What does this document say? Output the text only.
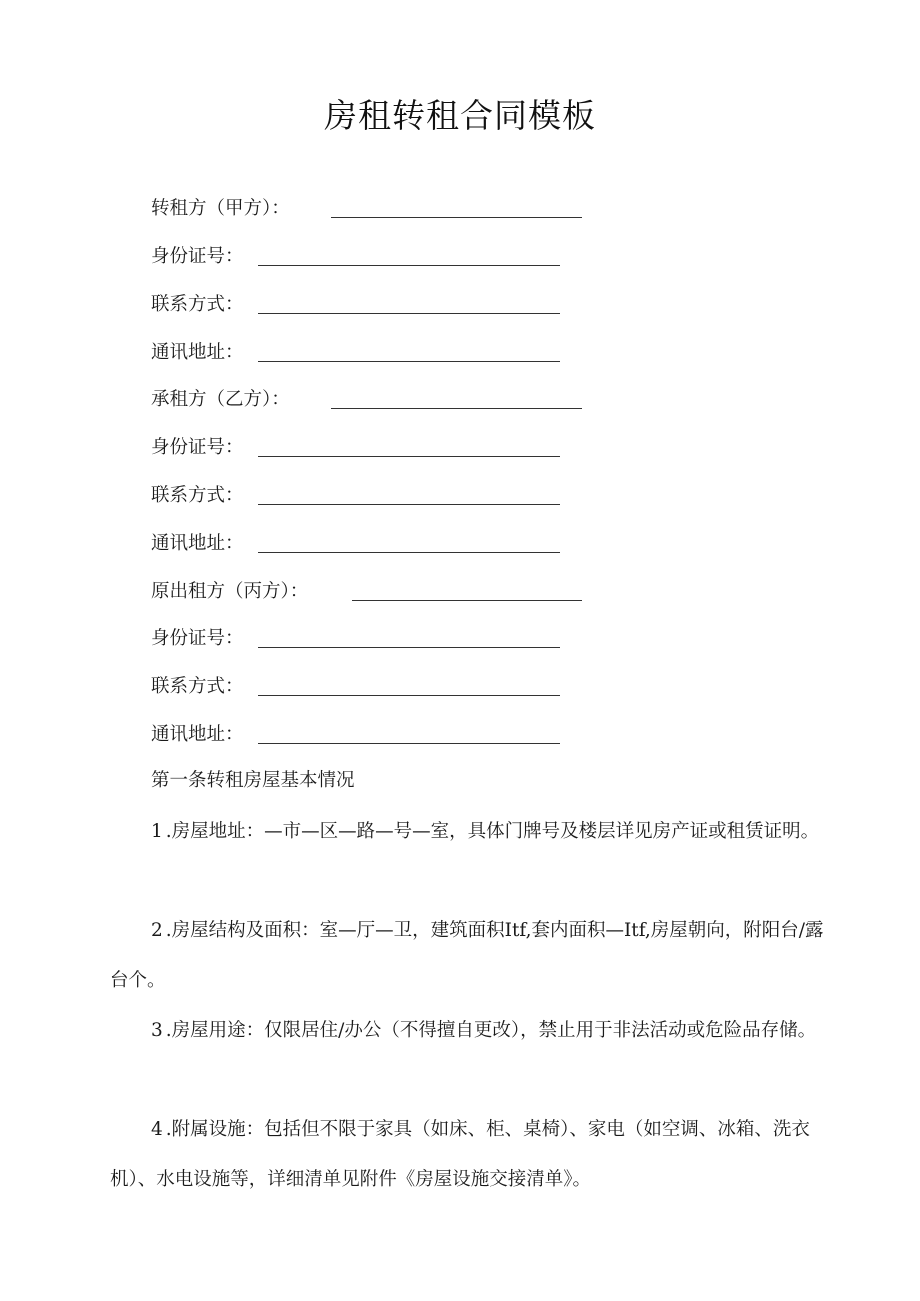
房租转租合同模板
转租方（甲方）：
身份证号：
联系方式：
通讯地址：
承租方（乙方）：
身份证号：
联系方式：
通讯地址：
原出租方（丙方）：
身份证号：
联系方式：
通讯地址：
第一条转租房屋基本情况

1 .房屋地址：—市—区—路—号—室，具体门牌号及楼层详见房产证或租赁证明。

2 .房屋结构及面积：室—厅—卫，建筑面积Itf,套内面积—Itf,房屋朝向，附阳台/露台个。

3 .房屋用途：仅限居住/办公（不得擅自更改），禁止用于非法活动或危险品存储。

4 .附属设施：包括但不限于家具（如床、柜、桌椅）、家电（如空调、冰箱、洗衣机）、水电设施等，详细清单见附件《房屋设施交接清单》。
